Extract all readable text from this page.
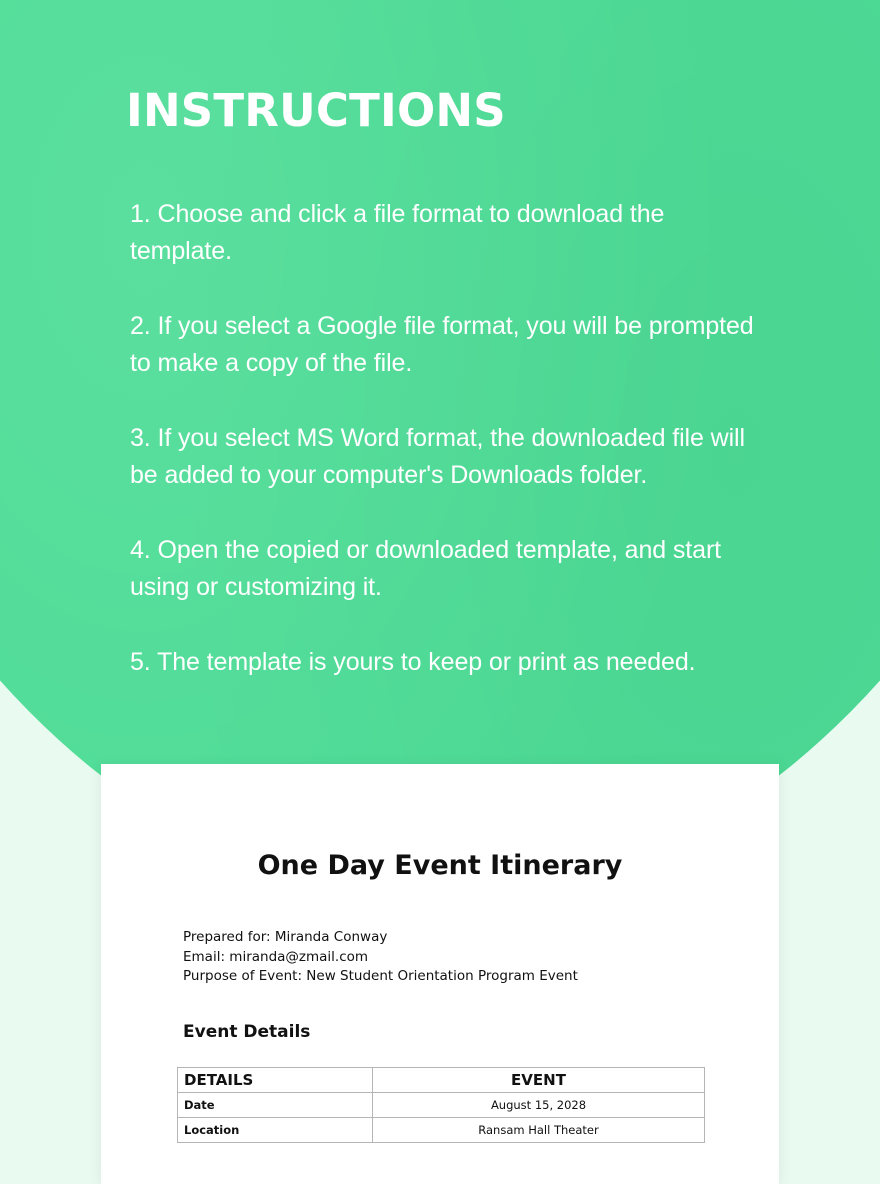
INSTRUCTIONS

1. Choose and click a file format to download the template.

2. If you select a Google file format, you will be prompted to make a copy of the file.

3. If you select MS Word format, the downloaded file will be added to your computer's Downloads folder.

4. Open the copied or downloaded template, and start using or customizing it.

5. The template is yours to keep or print as needed.

One Day Event Itinerary
Prepared for: Miranda Conway
Email: miranda@zmail.com
Purpose of Event: New Student Orientation Program Event
Event Details
DETAILS	EVENT
Date	August 15, 2028
Location	Ransam Hall Theater
